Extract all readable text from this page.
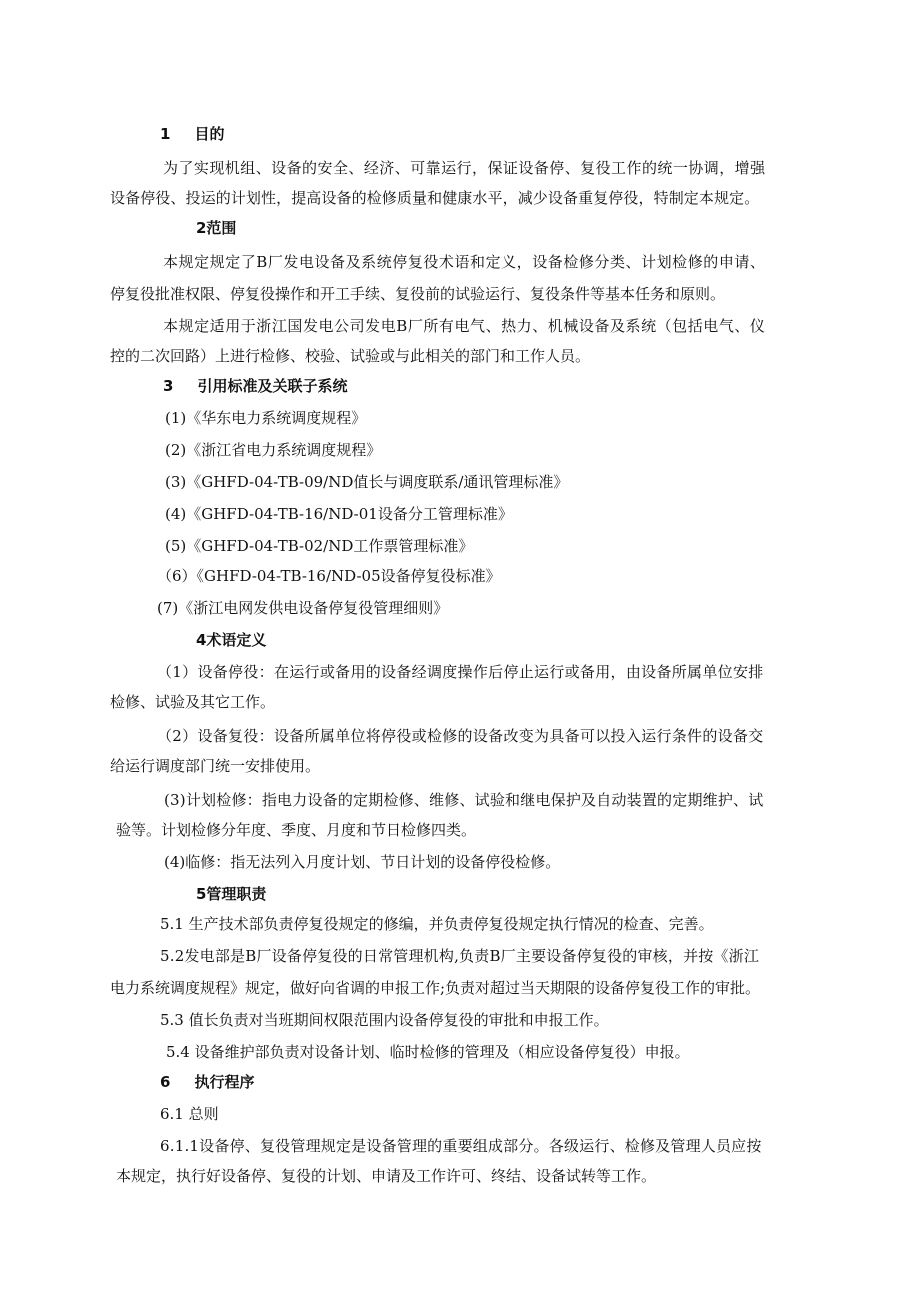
1 目的
为了实现机组、设备的安全、经济、可靠运行，保证设备停、复役工作的统一协调，增强
设备停役、投运的计划性，提高设备的检修质量和健康水平，减少设备重复停役，特制定本规定。
2范围
本规定规定了B厂发电设备及系统停复役术语和定义，设备检修分类、计划检修的申请、
停复役批准权限、停复役操作和开工手续、复役前的试验运行、复役条件等基本任务和原则。
本规定适用于浙江国发电公司发电B厂所有电气、热力、机械设备及系统（包括电气、仪
控的二次回路）上进行检修、校验、试验或与此相关的部门和工作人员。
3 引用标准及关联子系统
(1)《华东电力系统调度规程》
(2)《浙江省电力系统调度规程》
(3)《GHFD-04-TB-09/ND值长与调度联系/通讯管理标准》
(4)《GHFD-04-TB-16/ND-01设备分工管理标准》
(5)《GHFD-04-TB-02/ND工作票管理标准》
（6）《GHFD-04-TB-16/ND-05设备停复役标准》
(7)《浙江电网发供电设备停复役管理细则》
4术语定义
（1）设备停役：在运行或备用的设备经调度操作后停止运行或备用，由设备所属单位安排
检修、试验及其它工作。
（2）设备复役：设备所属单位将停役或检修的设备改变为具备可以投入运行条件的设备交
给运行调度部门统一安排使用。
(3)计划检修：指电力设备的定期检修、维修、试验和继电保护及自动装置的定期维护、试
验等。计划检修分年度、季度、月度和节日检修四类。
(4)临修：指无法列入月度计划、节日计划的设备停役检修。
5管理职责
5.1 生产技术部负责停复役规定的修编，并负责停复役规定执行情况的检查、完善。
5.2发电部是B厂设备停复役的日常管理机构,负责B厂主要设备停复役的审核，并按《浙江
电力系统调度规程》规定，做好向省调的申报工作;负责对超过当天期限的设备停复役工作的审批。
5.3 值长负责对当班期间权限范围内设备停复役的审批和申报工作。
5.4 设备维护部负责对设备计划、临时检修的管理及（相应设备停复役）申报。
6 执行程序
6.1 总则
6.1.1设备停、复役管理规定是设备管理的重要组成部分。各级运行、检修及管理人员应按
本规定，执行好设备停、复役的计划、申请及工作许可、终结、设备试转等工作。
